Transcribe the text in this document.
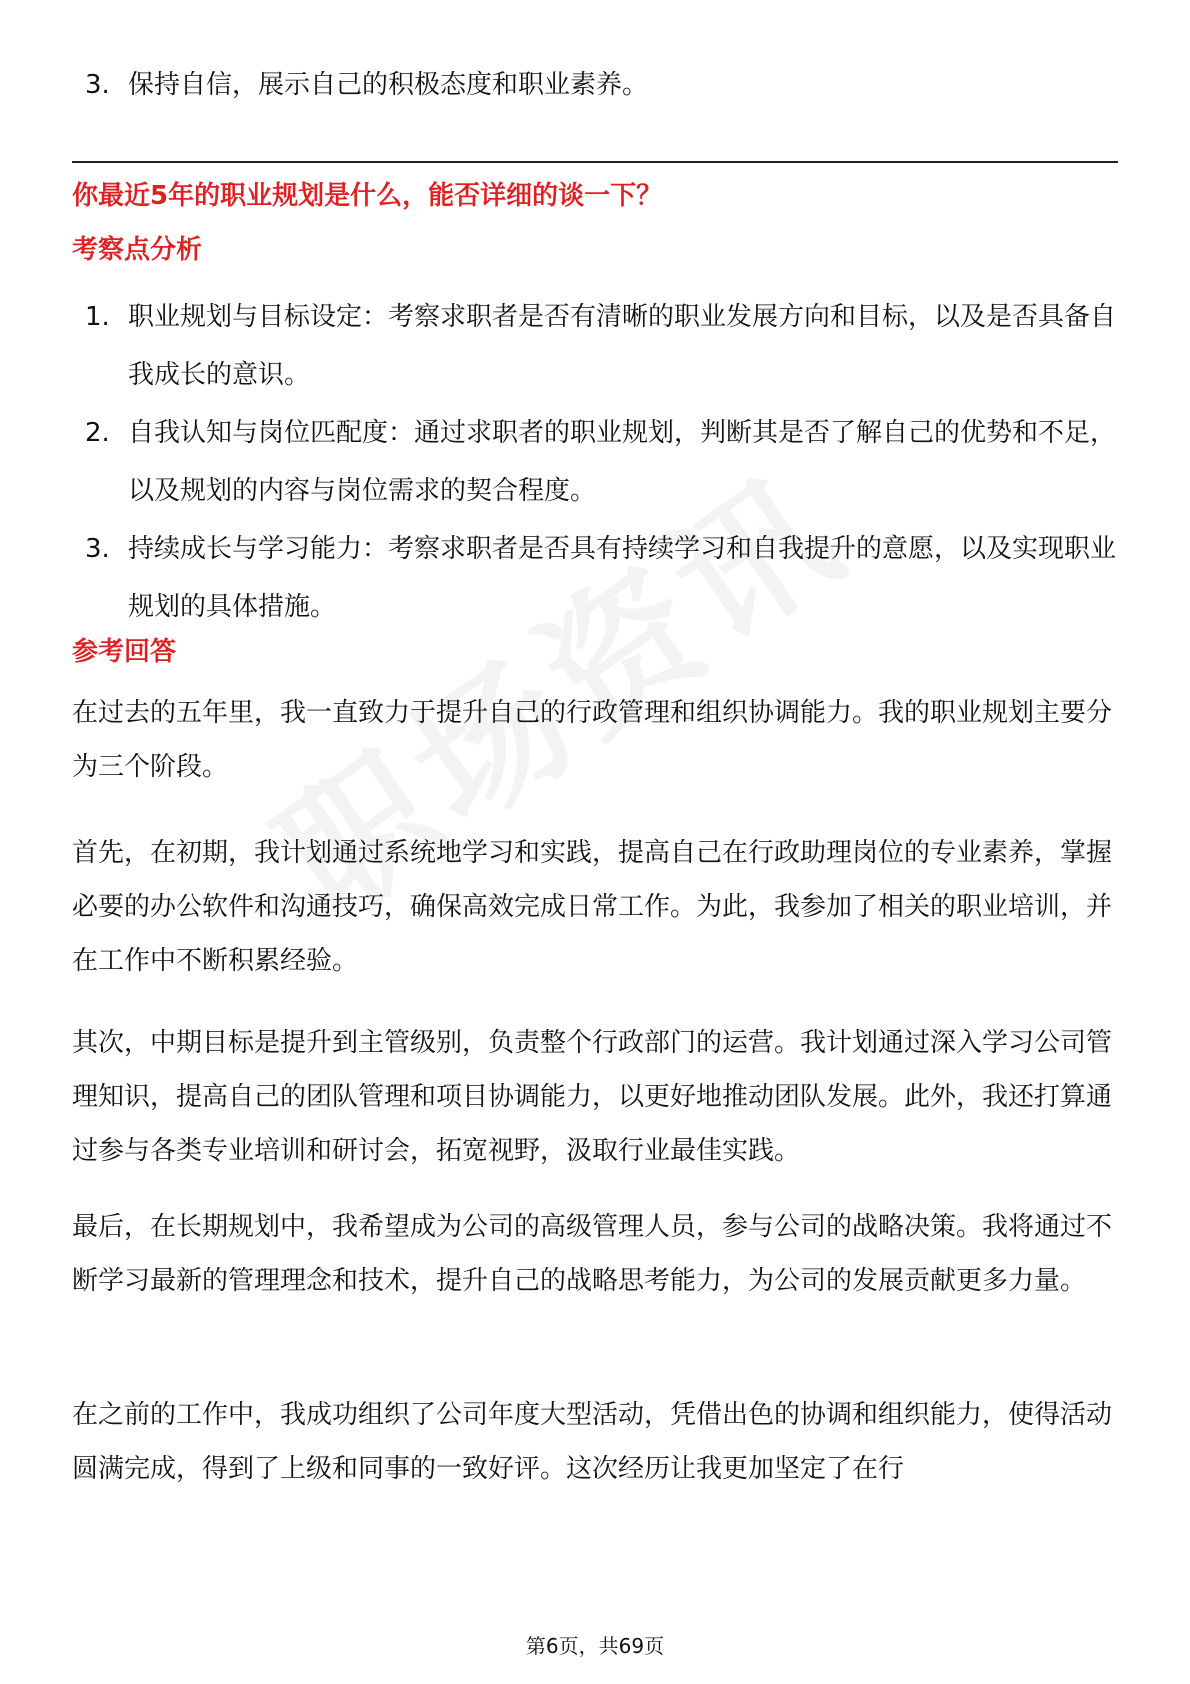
3. 保持自信，展示自己的积极态度和职业素养。
你最近5年的职业规划是什么，能否详细的谈一下？
考察点分析
1. 职业规划与目标设定：考察求职者是否有清晰的职业发展方向和目标，以及是否具备自我成长的意识。
2. 自我认知与岗位匹配度：通过求职者的职业规划，判断其是否了解自己的优势和不足，以及规划的内容与岗位需求的契合程度。
3. 持续成长与学习能力：考察求职者是否具有持续学习和自我提升的意愿，以及实现职业规划的具体措施。
参考回答

在过去的五年里，我一直致力于提升自己的行政管理和组织协调能力。我的职业规划主要分为三个阶段。

首先，在初期，我计划通过系统地学习和实践，提高自己在行政助理岗位的专业素养，掌握必要的办公软件和沟通技巧，确保高效完成日常工作。为此，我参加了相关的职业培训，并在工作中不断积累经验。

其次，中期目标是提升到主管级别，负责整个行政部门的运营。我计划通过深入学习公司管理知识，提高自己的团队管理和项目协调能力，以更好地推动团队发展。此外，我还打算通过参与各类专业培训和研讨会，拓宽视野，汲取行业最佳实践。

最后，在长期规划中，我希望成为公司的高级管理人员，参与公司的战略决策。我将通过不断学习最新的管理理念和技术，提升自己的战略思考能力，为公司的发展贡献更多力量。

在之前的工作中，我成功组织了公司年度大型活动，凭借出色的协调和组织能力，使得活动圆满完成，得到了上级和同事的一致好评。这次经历让我更加坚定了在行

第6页，共69页
